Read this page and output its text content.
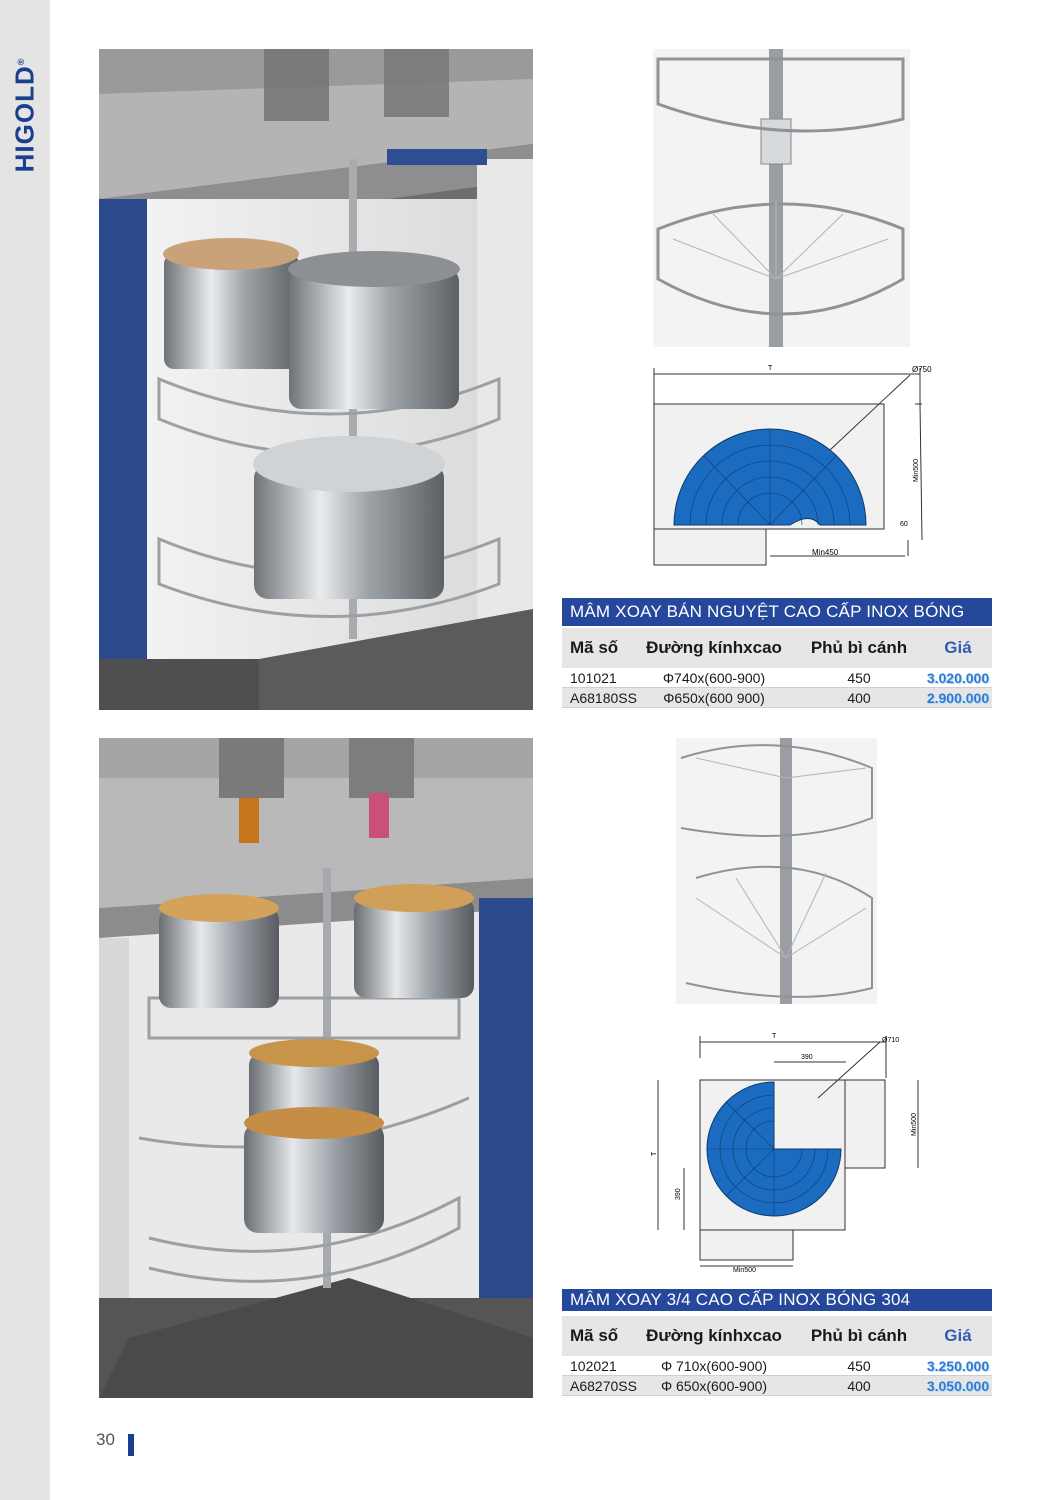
HIGOLD®
T	Ø750
Min450
60
Min500
MÂM XOAY BÁN NGUYỆT CAO CẤP INOX BÓNG
Mã số	Đường kínhxcao	Phủ bì cánh	Giá
101021	Φ740x(600-900)	450	3.020.000
A68180SS	Φ650x(600 900)	400	2.900.000
T
Ø710
390
T
390
Min500
Min500
MÂM XOAY 3/4 CAO CẤP INOX BÓNG 304
Mã số	Đường kínhxcao	Phủ bì cánh	Giá
102021	Φ 710x(600-900)	450	3.250.000
A68270SS	Φ 650x(600-900)	400	3.050.000
30
